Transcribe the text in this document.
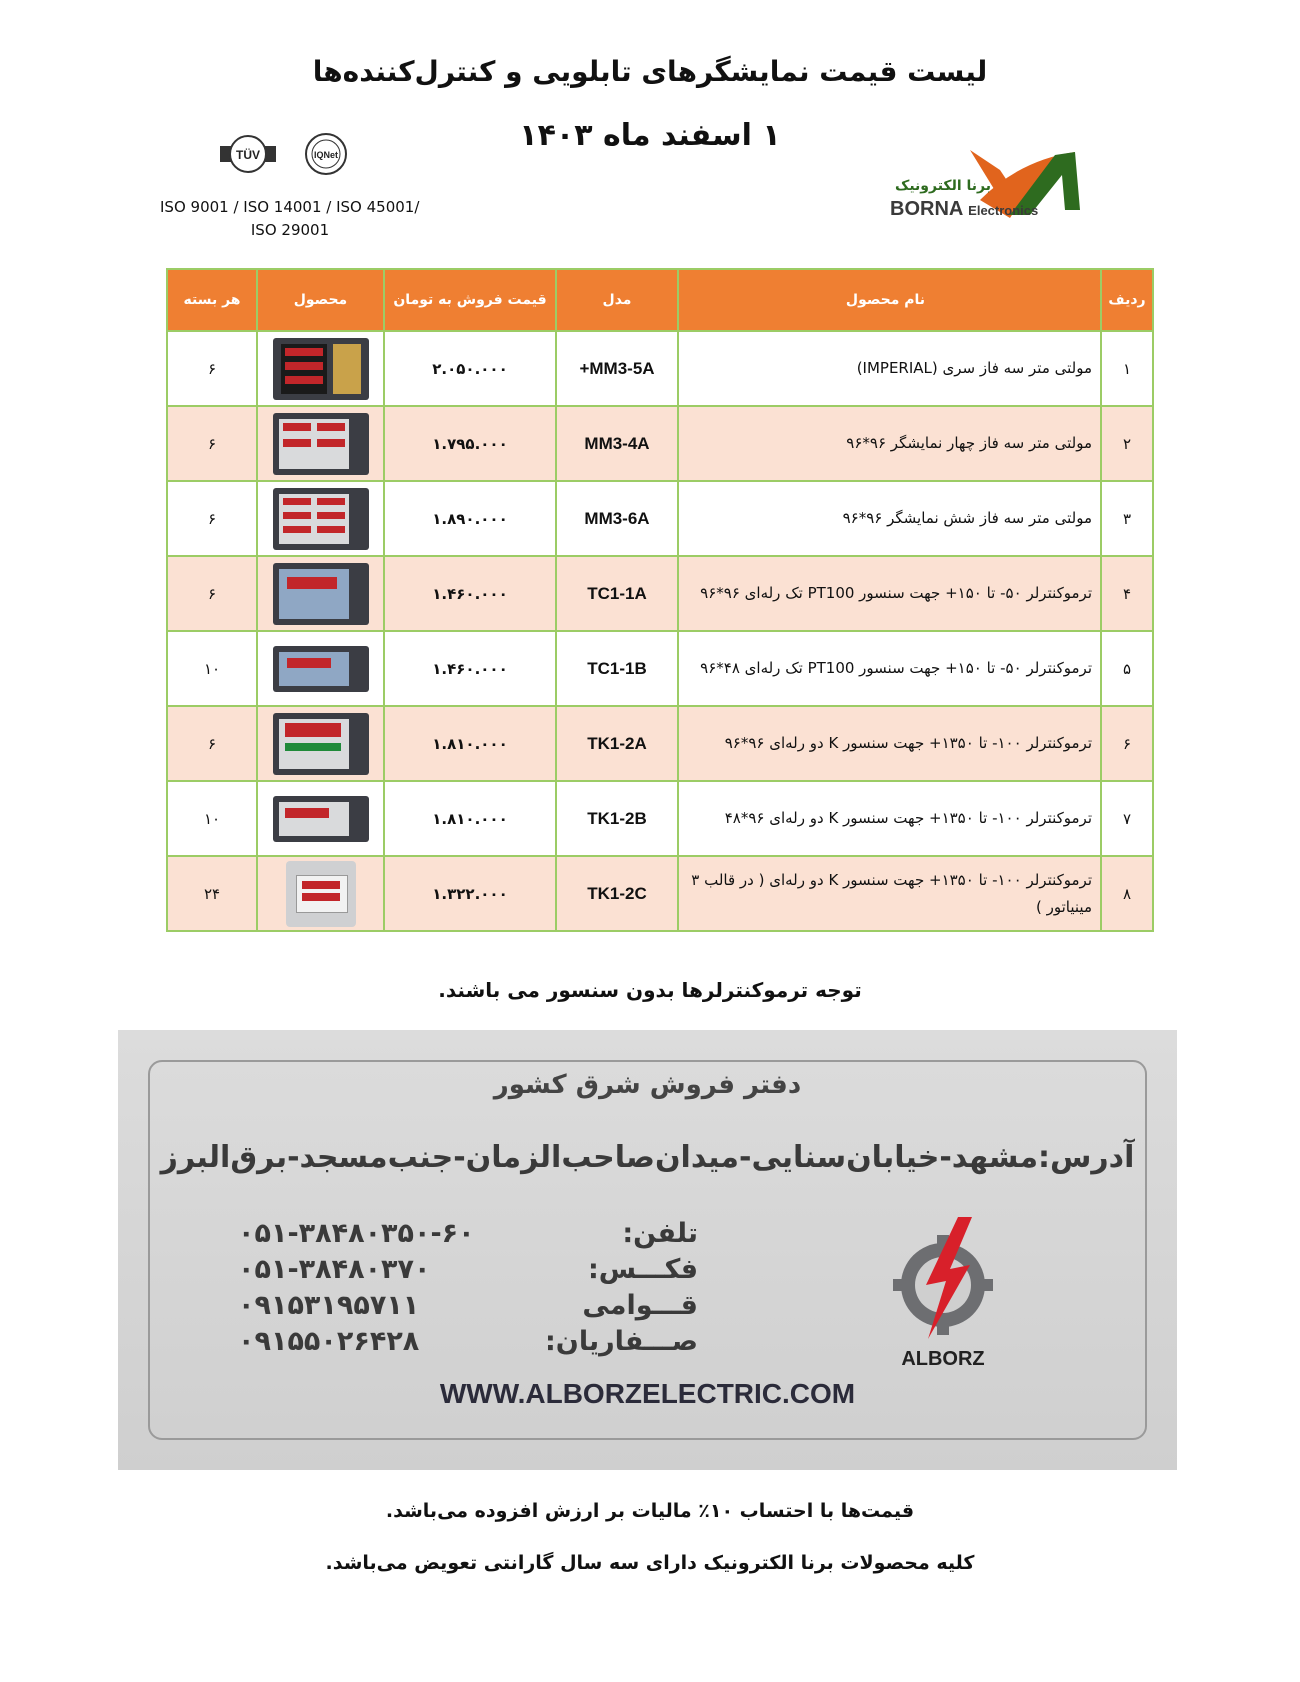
لیست قیمت نمایشگرهای تابلویی و کنترل‌کننده‌ها
۱ اسفند ماه ۱۴۰۳
TÜV	IQNet
ISO 9001 / ISO 14001 / ISO 45001/
ISO 29001
برنا الکترونیک
BORNA Electronics
ردیف	نام محصول	مدل	قیمت فروش به تومان	محصول	هر بسته
۱	مولتی متر سه فاز سری (IMPERIAL)	MM3-5A+	۲.۰۵۰.۰۰۰		۶
۲	مولتی متر سه فاز چهار نمایشگر ۹۶*۹۶	MM3-4A	۱.۷۹۵.۰۰۰		۶
۳	مولتی متر سه فاز شش نمایشگر ۹۶*۹۶	MM3-6A	۱.۸۹۰.۰۰۰		۶
۴	ترموکنترلر ۵۰- تا ۱۵۰+ جهت سنسور PT100 تک رله‌ای ۹۶*۹۶	TC1-1A	۱.۴۶۰.۰۰۰		۶
۵	ترموکنترلر ۵۰- تا ۱۵۰+ جهت سنسور PT100 تک رله‌ای ۴۸*۹۶	TC1-1B	۱.۴۶۰.۰۰۰		۱۰
۶	ترموکنترلر ۱۰۰- تا ۱۳۵۰+ جهت سنسور K دو رله‌ای ۹۶*۹۶	TK1-2A	۱.۸۱۰.۰۰۰		۶
۷	ترموکنترلر ۱۰۰- تا ۱۳۵۰+ جهت سنسور K دو رله‌ای ۹۶*۴۸	TK1-2B	۱.۸۱۰.۰۰۰		۱۰
۸	ترموکنترلر ۱۰۰- تا ۱۳۵۰+ جهت سنسور K دو رله‌ای ( در قالب ۳ مینیاتور )	TK1-2C	۱.۳۲۲.۰۰۰		۲۴
توجه ترموکنترلرها بدون سنسور می باشند.
دفتر فروش شرق کشور
آدرس:مشهد-خیابان‌سنایی-میدان‌صاحب‌الزمان-جنب‌مسجد-برق‌البرز
تلفن:
۰۵۱-۳۸۴۸۰۳۵۰-۶۰
فکـــس:
۰۵۱-۳۸۴۸۰۳۷۰
قـــوامی
۰۹۱۵۳۱۹۵۷۱۱
صـــفاریان:
۰۹۱۵۵۰۲۶۴۲۸
ALBORZ
WWW.ALBORZELECTRIC.COM
قیمت‌ها با احتساب ۱۰٪ مالیات بر ارزش افزوده می‌باشد.
کلیه محصولات برنا الکترونیک دارای سه سال گارانتی تعویض می‌باشد.
